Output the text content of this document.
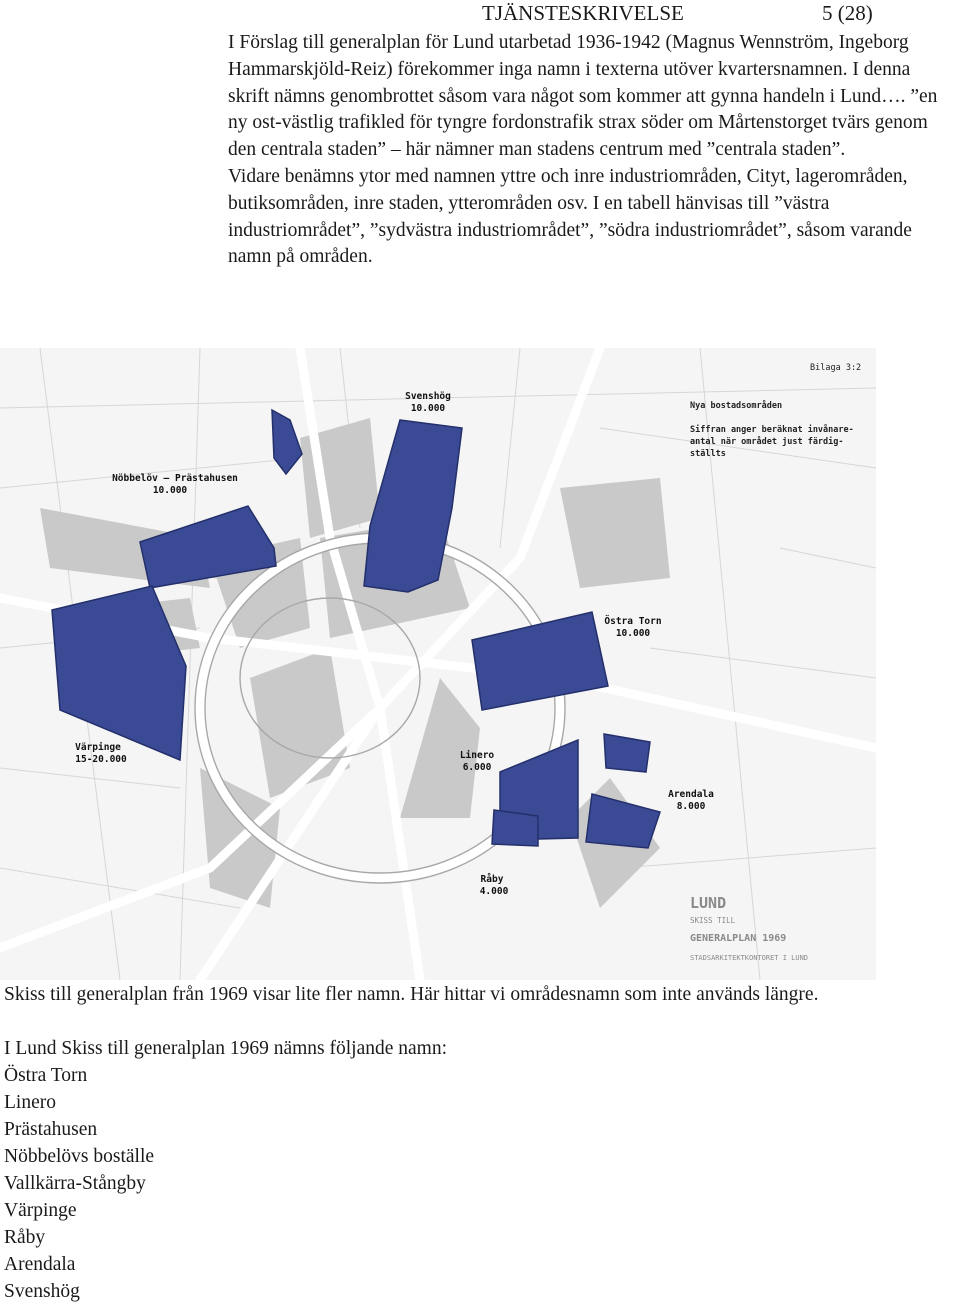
TJÄNSTESKRIVELSE	5 (28)

I Förslag till generalplan för Lund utarbetad 1936-1942 (Magnus Wennström, Ingeborg Hammarskjöld-Reiz) förekommer inga namn i texterna utöver kvartersnamnen. I denna skrift nämns genombrottet såsom vara något som kommer att gynna handeln i Lund…. ”en ny ost-västlig trafikled för tyngre fordonstrafik strax söder om Mårtenstorget tvärs genom den centrala staden” – här nämner man stadens centrum med ”centrala staden”.

Vidare benämns ytor med namnen yttre och inre industriområden, Cityt, lagerområden, butiksområden, inre staden, ytterområden osv. I en tabell hänvisas till ”västra industriområdet”, ”sydvästra industriområdet”, ”södra industriområdet”, såsom varande namn på områden.

Bilaga 3:2
Nya bostadsområden
Siffran anger beräknat invånare-
antal när området just färdig-
ställts
Svenshög
10.000
Nöbbelöv – Prästahusen
10.000
Östra Torn
10.000
Värpinge
15-20.000	Linero
6.000
Arendala
8.000
Råby
4.000
LUND
SKISS TILL
GENERALPLAN 1969
STADSARKITEKTKONTORET I LUND
Skiss till generalplan från 1969 visar lite fler namn. Här hittar vi områdesnamn som inte används längre.
I Lund Skiss till generalplan 1969 nämns följande namn:
Östra Torn
Linero
Prästahusen
Nöbbelövs boställe
Vallkärra-Stångby
Värpinge
Råby
Arendala
Svenshög
